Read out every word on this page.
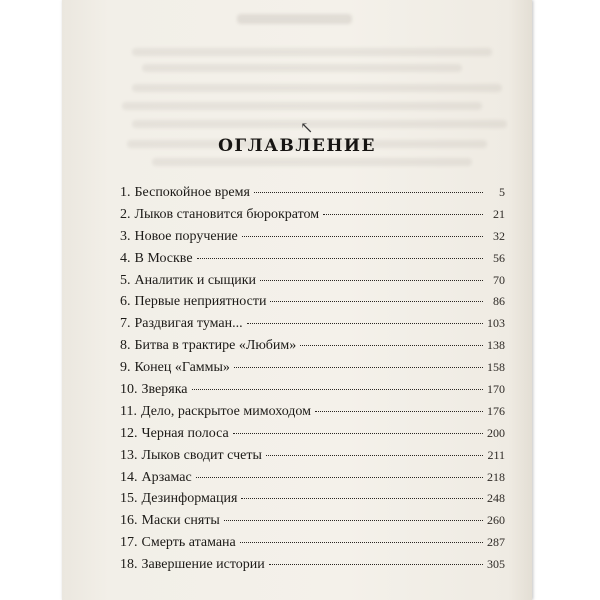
↖
ОГЛАВЛЕНИЕ
1. Беспокойное время	5
2. Лыков становится бюрократом	21
3. Новое поручение	32
4. В Москве	56
5. Аналитик и сыщики	70
6. Первые неприятности	86
7. Раздвигая туман...	103
8. Битва в трактире «Любим»	138
9. Конец «Гаммы»	158
10. Зверяка	170
11. Дело, раскрытое мимоходом	176
12. Черная полоса	200
13. Лыков сводит счеты	211
14. Арзамас	218
15. Дезинформация	248
16. Маски сняты	260
17. Смерть атамана	287
18. Завершение истории	305
